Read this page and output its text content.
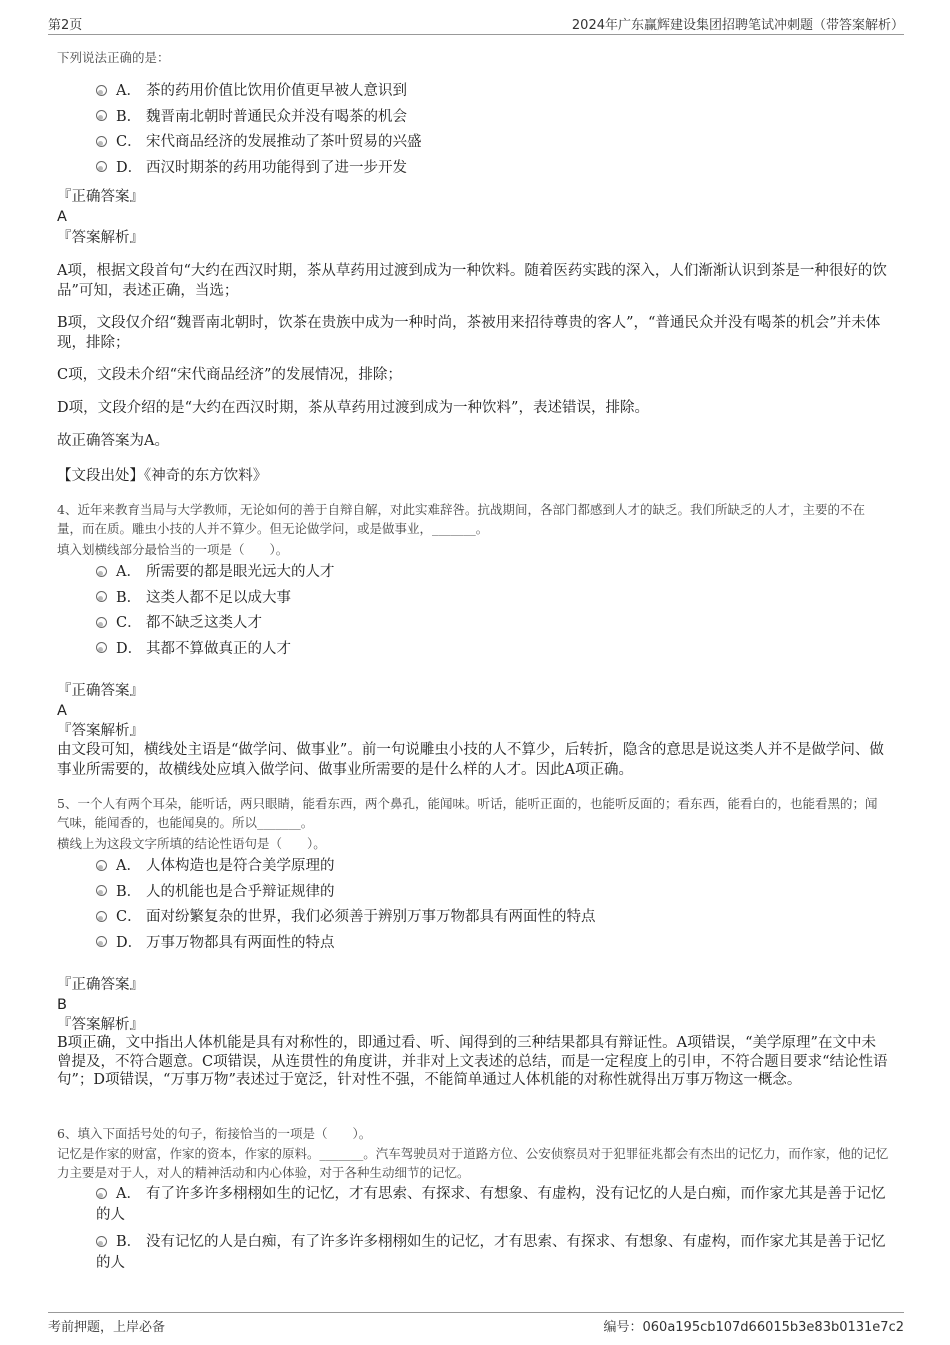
第2页	2024年广东赢辉建设集团招聘笔试冲刺题（带答案解析）
下列说法正确的是：
A． 茶的药用价值比饮用价值更早被人意识到
B． 魏晋南北朝时普通民众并没有喝茶的机会
C． 宋代商品经济的发展推动了茶叶贸易的兴盛
D． 西汉时期茶的药用功能得到了进一步开发
『正确答案』
A
『答案解析』
A项，根据文段首句“大约在西汉时期，茶从草药用过渡到成为一种饮料。随着医药实践的深入，人们渐渐认识到茶是一种很好的饮品”可知，表述正确，当选；
B项，文段仅介绍“魏晋南北朝时，饮茶在贵族中成为一种时尚，茶被用来招待尊贵的客人”，“普通民众并没有喝茶的机会”并未体现，排除；
C项，文段未介绍“宋代商品经济”的发展情况，排除；
D项，文段介绍的是“大约在西汉时期，茶从草药用过渡到成为一种饮料”，表述错误，排除。
故正确答案为A。
【文段出处】《神奇的东方饮料》
4、近年来教育当局与大学教师，无论如何的善于自辩自解，对此实难辞咎。抗战期间，各部门都感到人才的缺乏。我们所缺乏的人才，主要的不在量，而在质。雕虫小技的人并不算少。但无论做学问，或是做事业，_______。
填入划横线部分最恰当的一项是（　　）。
A． 所需要的都是眼光远大的人才
B． 这类人都不足以成大事
C． 都不缺乏这类人才
D． 其都不算做真正的人才
『正确答案』
A
『答案解析』
由文段可知，横线处主语是“做学问、做事业”。前一句说雕虫小技的人不算少，后转折，隐含的意思是说这类人并不是做学问、做事业所需要的，故横线处应填入做学问、做事业所需要的是什么样的人才。因此A项正确。
5、一个人有两个耳朵，能听话，两只眼睛，能看东西，两个鼻孔，能闻味。听话，能听正面的，也能听反面的；看东西，能看白的，也能看黑的；闻气味，能闻香的，也能闻臭的。所以_______。
横线上为这段文字所填的结论性语句是（　　）。
A． 人体构造也是符合美学原理的
B． 人的机能也是合乎辩证规律的
C． 面对纷繁复杂的世界，我们必须善于辨别万事万物都具有两面性的特点
D． 万事万物都具有两面性的特点
『正确答案』
B
『答案解析』
B项正确，文中指出人体机能是具有对称性的，即通过看、听、闻得到的三种结果都具有辩证性。A项错误，“美学原理”在文中未曾提及，不符合题意。C项错误，从连贯性的角度讲，并非对上文表述的总结，而是一定程度上的引申，不符合题目要求“结论性语句”；D项错误，“万事万物”表述过于宽泛，针对性不强，不能简单通过人体机能的对称性就得出万事万物这一概念。
6、填入下面括号处的句子，衔接恰当的一项是（　　）。
记忆是作家的财富，作家的资本，作家的原料。_______。汽车驾驶员对于道路方位、公安侦察员对于犯罪征兆都会有杰出的记忆力，而作家，他的记忆力主要是对于人，对人的精神活动和内心体验，对于各种生动细节的记忆。
A． 有了许多许多栩栩如生的记忆，才有思索、有探求、有想象、有虚构，没有记忆的人是白痴，而作家尤其是善于记忆的人
B． 没有记忆的人是白痴，有了许多许多栩栩如生的记忆，才有思索、有探求、有想象、有虚构，而作家尤其是善于记忆的人
考前押题，上岸必备	编号：060a195cb107d66015b3e83b0131e7c2
